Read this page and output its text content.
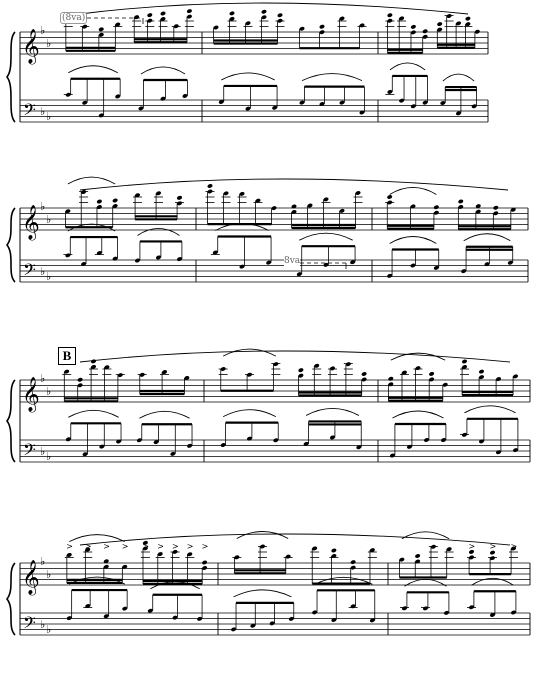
𝄞
𝄢
♭
♭
♭ ♭
𝄞
𝄢
♭
♭
♭ ♭
𝄞
𝄢
♭
♭
♭ ♭
𝄞
𝄢
♭
♭
♭ ♭
> > > > > > > > >	> > >
B
(8va)
8va
